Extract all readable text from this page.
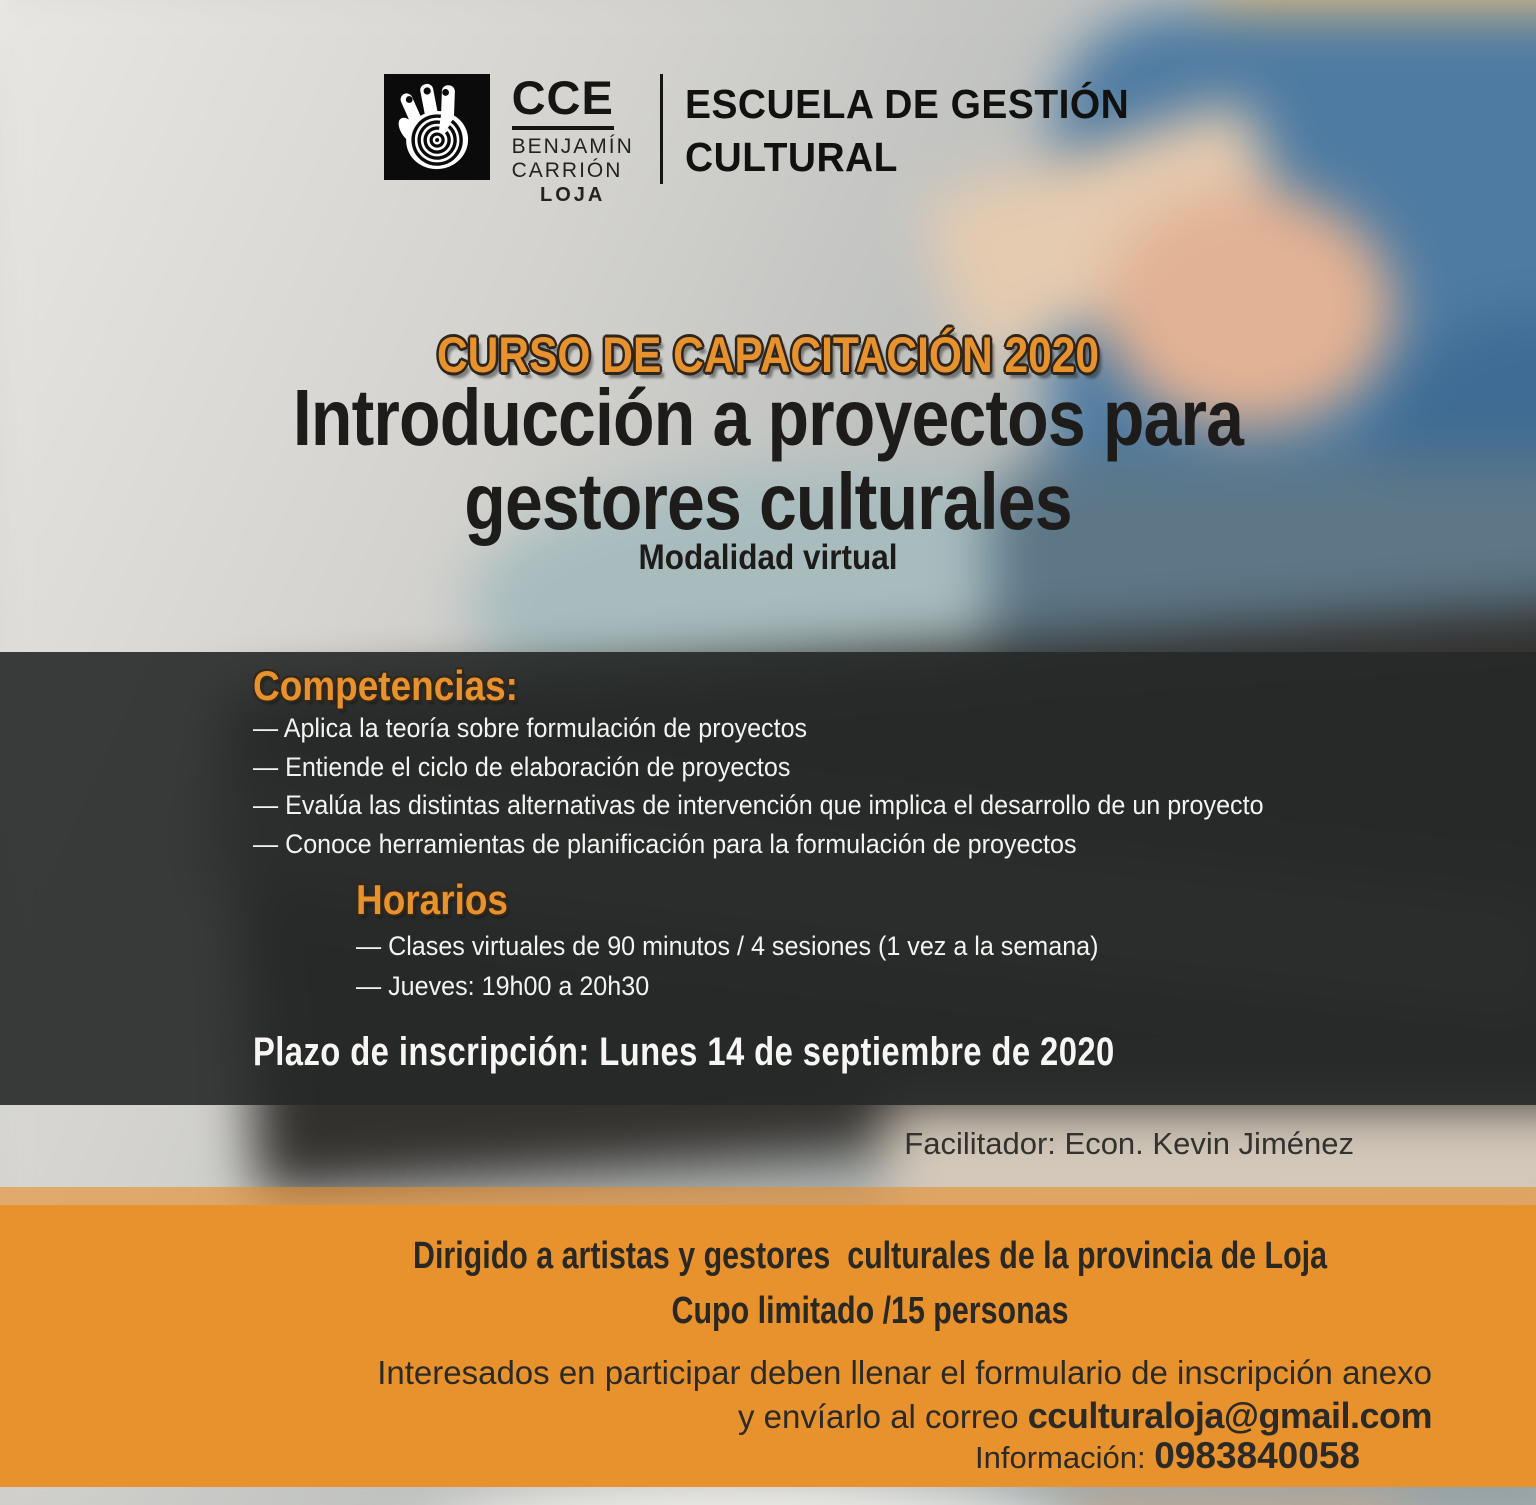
CCE
BENJAMÍN
CARRIÓN
LOJA
ESCUELA DE GESTIÓN
CULTURAL
CURSO DE CAPACITACIÓN 2020
Introducción a proyectos para
gestores culturales
Modalidad virtual
Competencias:
— Aplica la teoría sobre formulación de proyectos
— Entiende el ciclo de elaboración de proyectos
— Evalúa las distintas alternativas de intervención que implica el desarrollo de un proyecto
— Conoce herramientas de planificación para la formulación de proyectos
Horarios
— Clases virtuales de 90 minutos / 4 sesiones (1 vez a la semana)
— Jueves: 19h00 a 20h30
Plazo de inscripción: Lunes 14 de septiembre de 2020
Facilitador: Econ. Kevin Jiménez
Dirigido a artistas y gestores  culturales de la provincia de Loja
Cupo limitado /15 personas
Interesados en participar deben llenar el formulario de inscripción anexo
y envíarlo al correo cculturaloja@gmail.com
Información: 0983840058
